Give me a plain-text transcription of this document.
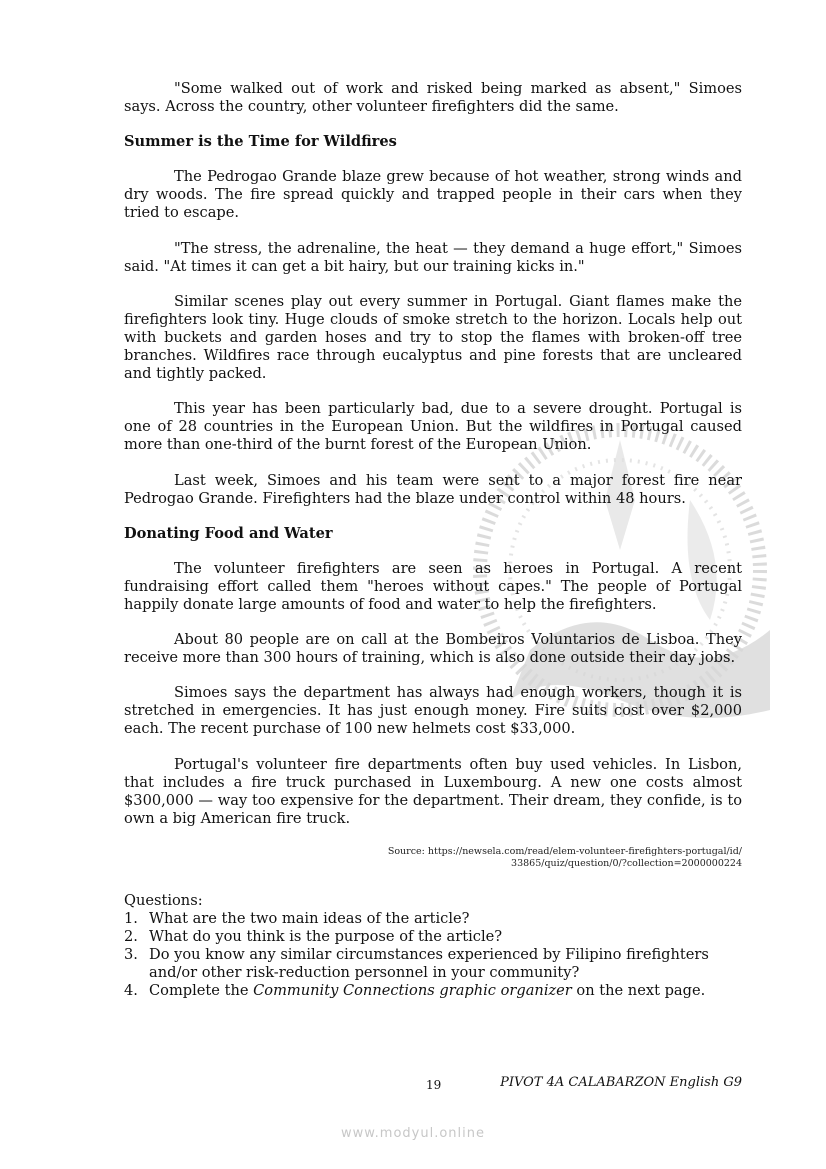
"Some walked out of work and risked being marked as absent," Simoes says. Across the country, other volunteer firefighters did the same.

Summer is the Time for Wildfires

The Pedrogao Grande blaze grew because of hot weather, strong winds and dry woods. The fire spread quickly and trapped people in their cars when they tried to escape.

"The stress, the adrenaline, the heat — they demand a huge effort," Simoes said. "At times it can get a bit hairy, but our training kicks in."

Similar scenes play out every summer in Portugal. Giant flames make the firefighters look tiny. Huge clouds of smoke stretch to the horizon. Locals help out with buckets and garden hoses and try to stop the flames with broken-off tree branches. Wildfires race through eucalyptus and pine forests that are uncleared and tightly packed.

This year has been particularly bad, due to a severe drought. Portugal is one of 28 countries in the European Union. But the wildfires in Portugal caused more than one-third of the burnt forest of the European Union.

Last week, Simoes and his team were sent to a major forest fire near Pedrogao Grande. Firefighters had the blaze under control within 48 hours.

Donating Food and Water

The volunteer firefighters are seen as heroes in Portugal. A recent fundraising effort called them "heroes without capes." The people of Portugal happily donate large amounts of food and water to help the firefighters.

About 80 people are on call at the Bombeiros Voluntarios de Lisboa. They receive more than 300 hours of training, which is also done outside their day jobs.

Simoes says the department has always had enough workers, though it is stretched in emergencies. It has just enough money. Fire suits cost over $2,000 each. The recent purchase of 100 new helmets cost $33,000.

Portugal's volunteer fire departments often buy used vehicles. In Lisbon, that includes a fire truck purchased in Luxembourg. A new one costs almost $300,000 — way too expensive for the department. Their dream, they confide, is to own a big American fire truck.

Source: https://newsela.com/read/elem-volunteer-firefighters-portugal/id/
33865/quiz/question/0/?collection=2000000224
Questions:
1. What are the two main ideas of the article?
2. What do you think is the purpose of the article?
3. Do you know any similar circumstances experienced by Filipino firefighters and/or other risk-reduction personnel in your community?
4. Complete the Community Connections graphic organizer on the next page.
19	PIVOT 4A CALABARZON English G9
www.modyul.online
